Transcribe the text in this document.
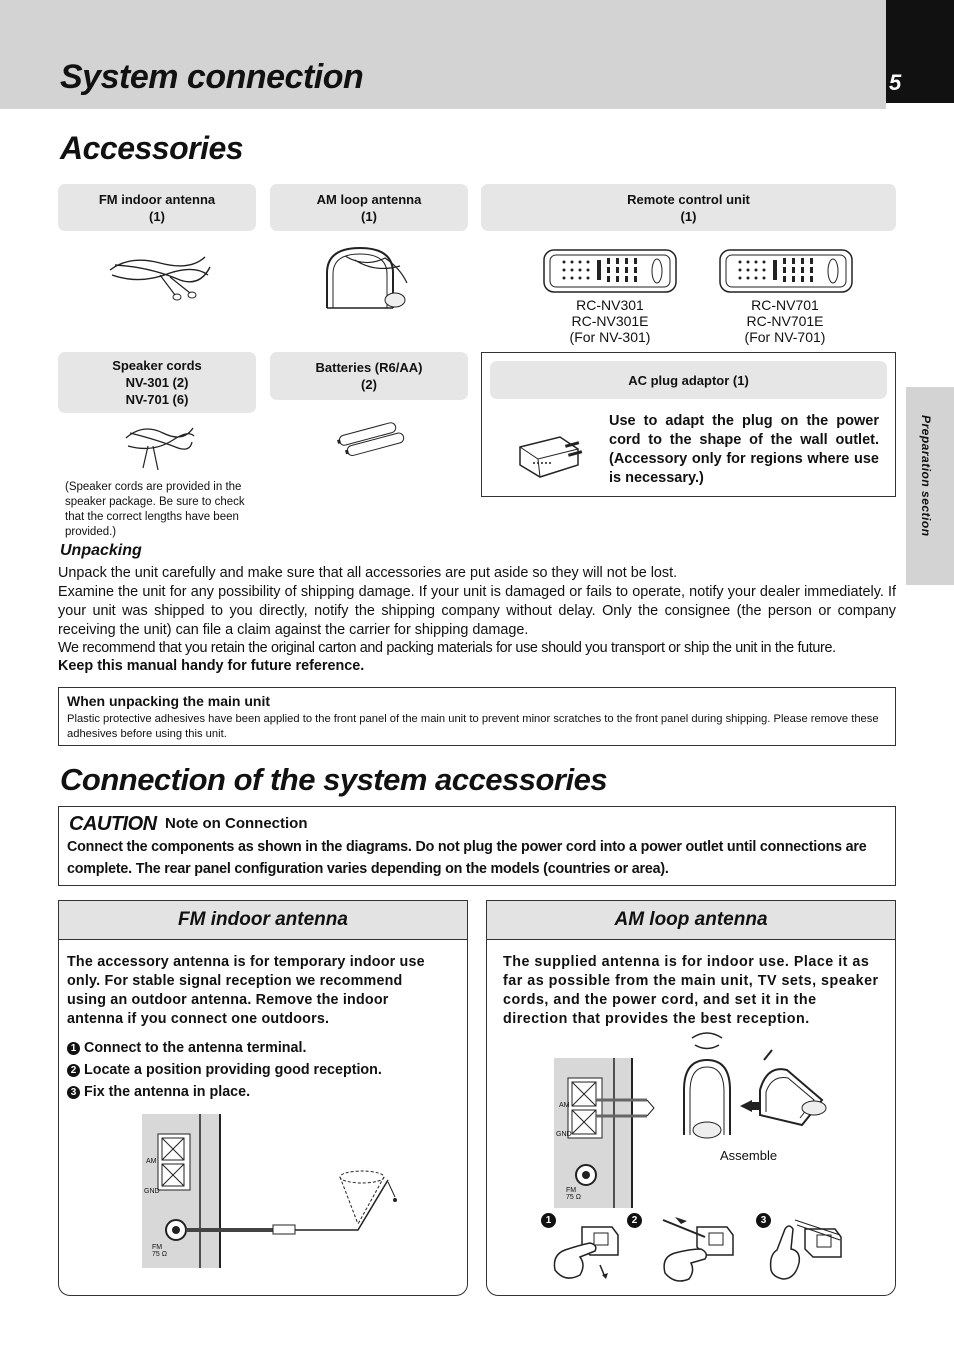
System connection	5
Preparation section
Accessories
FM indoor antenna
(1)
AM loop antenna
(1)
Remote control unit
(1)
RC-NV301
RC-NV301E
(For NV-301)
RC-NV701
RC-NV701E
(For NV-701)
Speaker cords
NV-301 (2)
NV-701 (6)
Batteries (R6/AA)
(2)
(Speaker cords are provided in the speaker package. Be sure to check that the correct lengths have been provided.)
AC plug adaptor (1)
Use to adapt the plug on the power cord to the shape of the wall outlet. (Accessory only for regions where use is necessary.)
Unpacking
Unpack the unit carefully and make sure that all accessories are put aside so they will not be lost.
Examine the unit for any possibility of shipping damage. If your unit is damaged or fails to operate, notify your dealer immediately. If your unit was shipped to you directly, notify the shipping company without delay. Only the consignee (the person or company receiving the unit) can file a claim against the carrier for shipping damage.
We recommend that you retain the original carton and packing materials for use should you transport or ship the unit in the future.
Keep this manual handy for future reference.
When unpacking the main unit
Plastic protective adhesives have been applied to the front panel of the main unit to prevent minor scratches to the front panel during shipping. Please remove these adhesives before using this unit.
Connection of the system accessories
CAUTION Note on Connection
Connect the components as shown in the diagrams. Do not plug the power cord into a power outlet until connections are complete. The rear panel configuration varies depending on the models (countries or area).
FM indoor antenna
The accessory antenna is for temporary indoor use only. For stable signal reception we recommend using an outdoor antenna. Remove the indoor antenna if you connect one outdoors.
1 Connect to the antenna terminal.
2 Locate a position providing good reception.
3 Fix the antenna in place.
AM
GND
FM
75 Ω
AM loop antenna
The supplied antenna is for indoor use. Place it as far as possible from the main unit, TV sets, speaker cords, and the power cord, and set it in the direction that provides the best reception.
AM
GND
FM
75 Ω
Assemble
1	2	3
